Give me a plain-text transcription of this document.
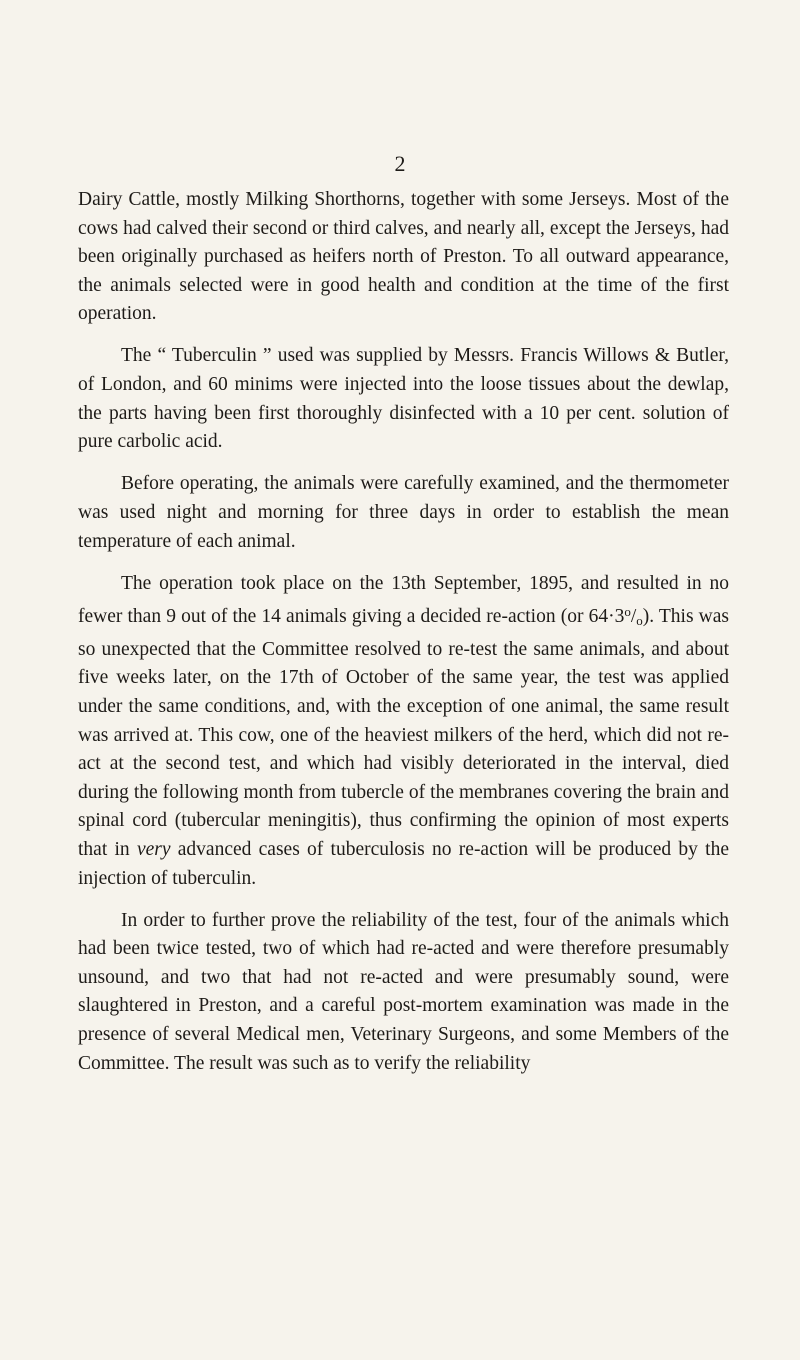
2

Dairy Cattle, mostly Milking Shorthorns, together with some Jerseys. Most of the cows had calved their second or third calves, and nearly all, except the Jerseys, had been originally purchased as heifers north of Preston. To all outward appearance, the animals selected were in good health and condition at the time of the first operation.

The “ Tuberculin ” used was supplied by Messrs. Francis Willows & Butler, of London, and 60 minims were injected into the loose tissues about the dewlap, the parts having been first thoroughly disinfected with a 10 per cent. solution of pure carbolic acid.

Before operating, the animals were carefully examined, and the thermometer was used night and morning for three days in order to establish the mean temperature of each animal.

The operation took place on the 13th September, 1895, and resulted in no fewer than 9 out of the 14 animals giving a decided re-action (or $64\cdot 3^o/_o$). This was so unexpected that the Committee resolved to re-test the same animals, and about five weeks later, on the 17th of October of the same year, the test was applied under the same conditions, and, with the exception of one animal, the same result was arrived at. This cow, one of the heaviest milkers of the herd, which did not re-act at the second test, and which had visibly deteriorated in the interval, died during the following month from tubercle of the membranes covering the brain and spinal cord (tubercular meningitis), thus confirming the opinion of most experts that in very advanced cases of tuberculosis no re-action will be produced by the injection of tuberculin.

In order to further prove the reliability of the test, four of the animals which had been twice tested, two of which had re-acted and were therefore presumably unsound, and two that had not re-acted and were presumably sound, were slaughtered in Preston, and a careful post-mortem examination was made in the presence of several Medical men, Veterinary Surgeons, and some Members of the Committee. The result was such as to verify the reliability
